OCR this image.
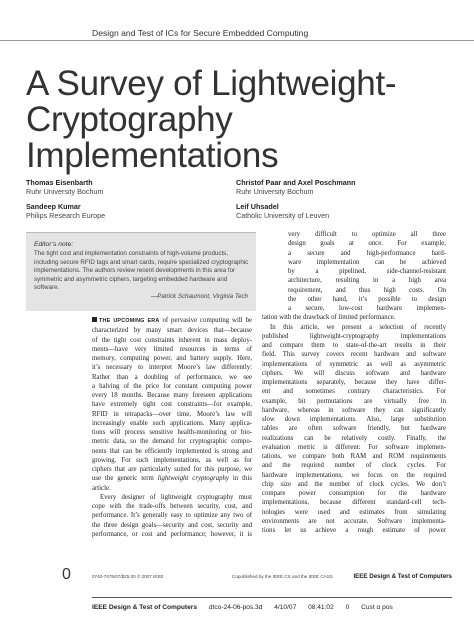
Design and Test of ICs for Secure Embedded Computing
A Survey of Lightweight-
Cryptography
Implementations
Thomas Eisenbarth
Ruhr University Bochum
Christof Paar and Axel Poschmann
Ruhr University Bochum
Sandeep Kumar
Philips Research Europe
Leif Uhsadel
Catholic University of Leuven
Editor’s note:
The tight cost and implementation constraints of high-volume products, including secure RFID tags and smart cards, require specialized cryptographic implementations. The authors review recent developments in this area for symmetric and asymmetric ciphers, targeting embedded hardware and software.
—Patrick Schaumont, Virginia Tech
THE UPCOMING ERA of pervasive computing will be
characterized by many smart devices that—because
of the tight cost constraints inherent in mass deploy-
ments—have very limited resources in terms of
memory, computing power, and battery supply. Here,
it’s necessary to interpret Moore’s law differently:
Rather than a doubling of performance, we see
a halving of the price for constant computing power
every 18 months. Because many foreseen applications
have extremely tight cost constraints—for example,
RFID in tetrapacks—over time, Moore’s law will
increasingly enable such applications. Many applica-
tions will process sensitive health-monitoring or bio-
metric data, so the demand for cryptographic compo-
nents that can be efficiently implemented is strong and
growing. For such implementations, as well as for
ciphers that are particularly suited for this purpose, we
use the generic term lightweight cryptography in this
article.
Every designer of lightweight cryptography must
cope with the trade-offs between security, cost, and
performance. It’s generally easy to optimize any two of
the three design goals—security and cost, security and
performance, or cost and performance; however, it is
very difficult to optimize all three
design goals at once. For example,
a secure and high-performance hard-
ware implementation can be achieved
by a pipelined, side-channel-resistant
architecture, resulting in a high area
requirement, and thus high costs. On
the other hand, it’s possible to design
a secure, low-cost hardware implemen-
tation with the drawback of limited performance.
In this article, we present a selection of recently
published lightweight-cryptography implementations
and compare them to state-of-the-art results in their
field. This survey covers recent hardware and software
implementations of symmetric as well as asymmetric
ciphers. We will discuss software and hardware
implementations separately, because they have differ-
ent and sometimes contrary characteristics. For
example, bit permutations are virtually free in
hardware, whereas in software they can significantly
slow down implementations. Also, large substitution
tables are often software friendly, but hardware
realizations can be relatively costly. Finally, the
evaluation metric is different: For software implemen-
tations, we compare both RAM and ROM requirements
and the required number of clock cycles. For
hardware implementations, we focus on the required
chip size and the number of clock cycles. We don’t
compare power consumption for the hardware
implementations, because different standard-cell tech-
nologies were used and estimates from simulating
environments are not accurate. Software implementa-
tions let us achieve a rough estimate of power
0	0740-7475/07/$25.00 © 2007 IEEE	Copublished by the IEEE CS and the IEEE CASS	IEEE Design & Test of Computers
IEEE Design & Test of Computers dtco-24-06-pos.3d 4/10/07 08:41:02 0 Cust α pos
